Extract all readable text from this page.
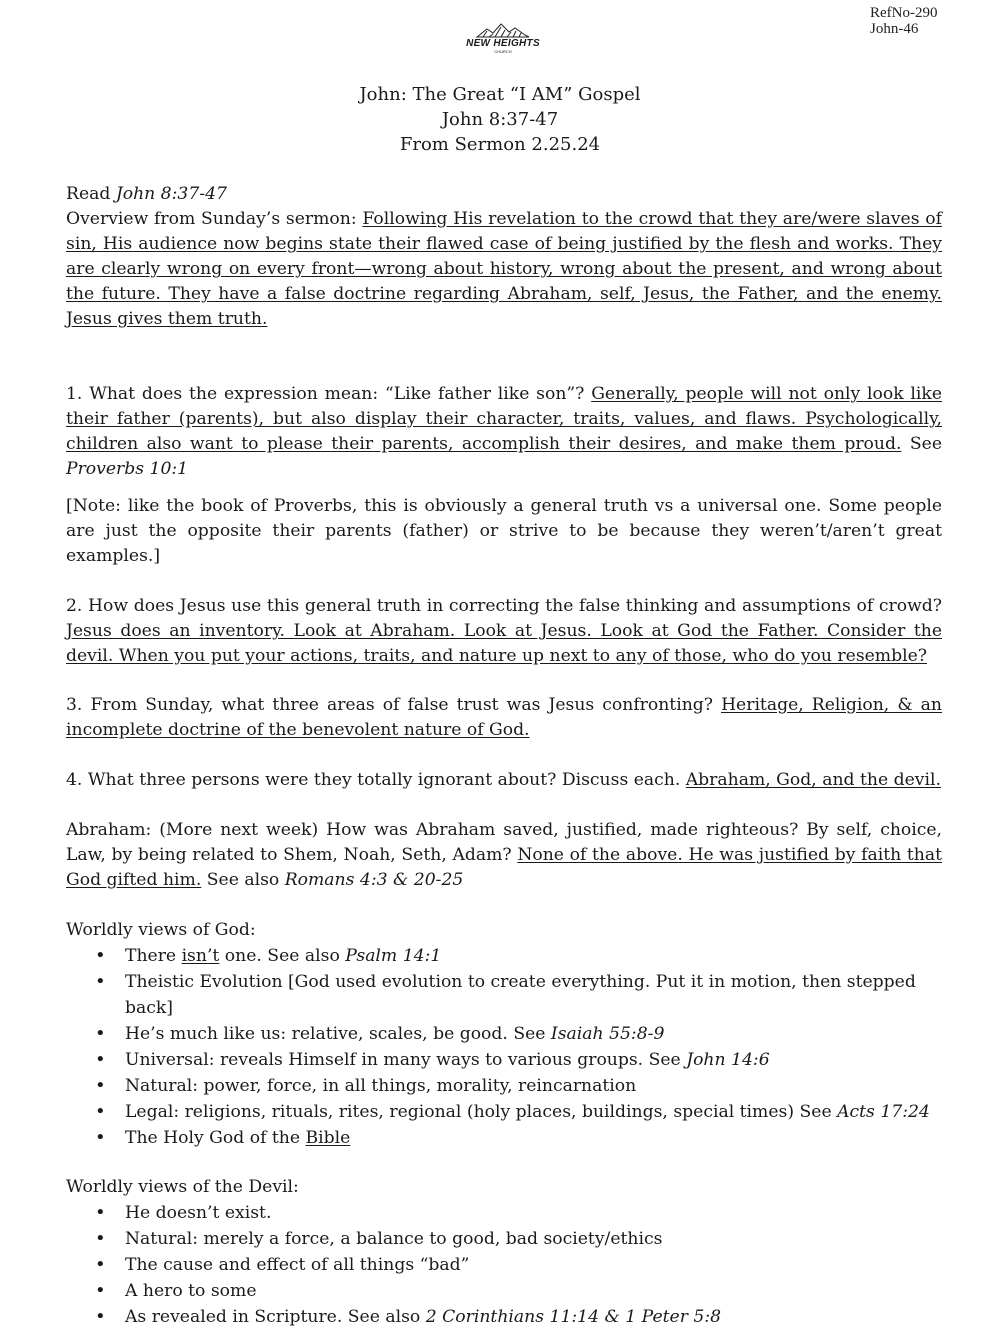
RefNo-290
John-46
NEW HEIGHTS
CHURCH
John: The Great “I AM” Gospel
John 8:37-47
From Sermon 2.25.24

Read John 8:37-47

Overview from Sunday’s sermon: Following His revelation to the crowd that they are/were slaves of sin, His audience now begins state their flawed case of being justified by the flesh and works. They are clearly wrong on every front—wrong about history, wrong about the present, and wrong about the future. They have a false doctrine regarding Abraham, self, Jesus, the Father, and the enemy. Jesus gives them truth.

1. What does the expression mean: “Like father like son”? Generally, people will not only look like their father (parents), but also display their character, traits, values, and flaws. Psychologically, children also want to please their parents, accomplish their desires, and make them proud. See Proverbs 10:1

[Note: like the book of Proverbs, this is obviously a general truth vs a universal one. Some people are just the opposite their parents (father) or strive to be because they weren’t/aren’t great examples.]

2. How does Jesus use this general truth in correcting the false thinking and assumptions of crowd? Jesus does an inventory. Look at Abraham. Look at Jesus. Look at God the Father. Consider the devil. When you put your actions, traits, and nature up next to any of those, who do you resemble?

3. From Sunday, what three areas of false trust was Jesus confronting? Heritage, Religion, & an incomplete doctrine of the benevolent nature of God.

4. What three persons were they totally ignorant about? Discuss each. Abraham, God, and the devil.

Abraham: (More next week) How was Abraham saved, justified, made righteous? By self, choice, Law, by being related to Shem, Noah, Seth, Adam? None of the above. He was justified by faith that God gifted him. See also Romans 4:3 & 20-25

Worldly views of God:

• There isn’t one. See also Psalm 14:1
• Theistic Evolution [God used evolution to create everything. Put it in motion, then stepped back]
• He’s much like us: relative, scales, be good. See Isaiah 55:8-9
• Universal: reveals Himself in many ways to various groups. See John 14:6
• Natural: power, force, in all things, morality, reincarnation
• Legal: religions, rituals, rites, regional (holy places, buildings, special times) See Acts 17:24
• The Holy God of the Bible

Worldly views of the Devil:

• He doesn’t exist.
• Natural: merely a force, a balance to good, bad society/ethics
• The cause and effect of all things “bad”
• A hero to some
• As revealed in Scripture. See also 2 Corinthians 11:14 & 1 Peter 5:8
